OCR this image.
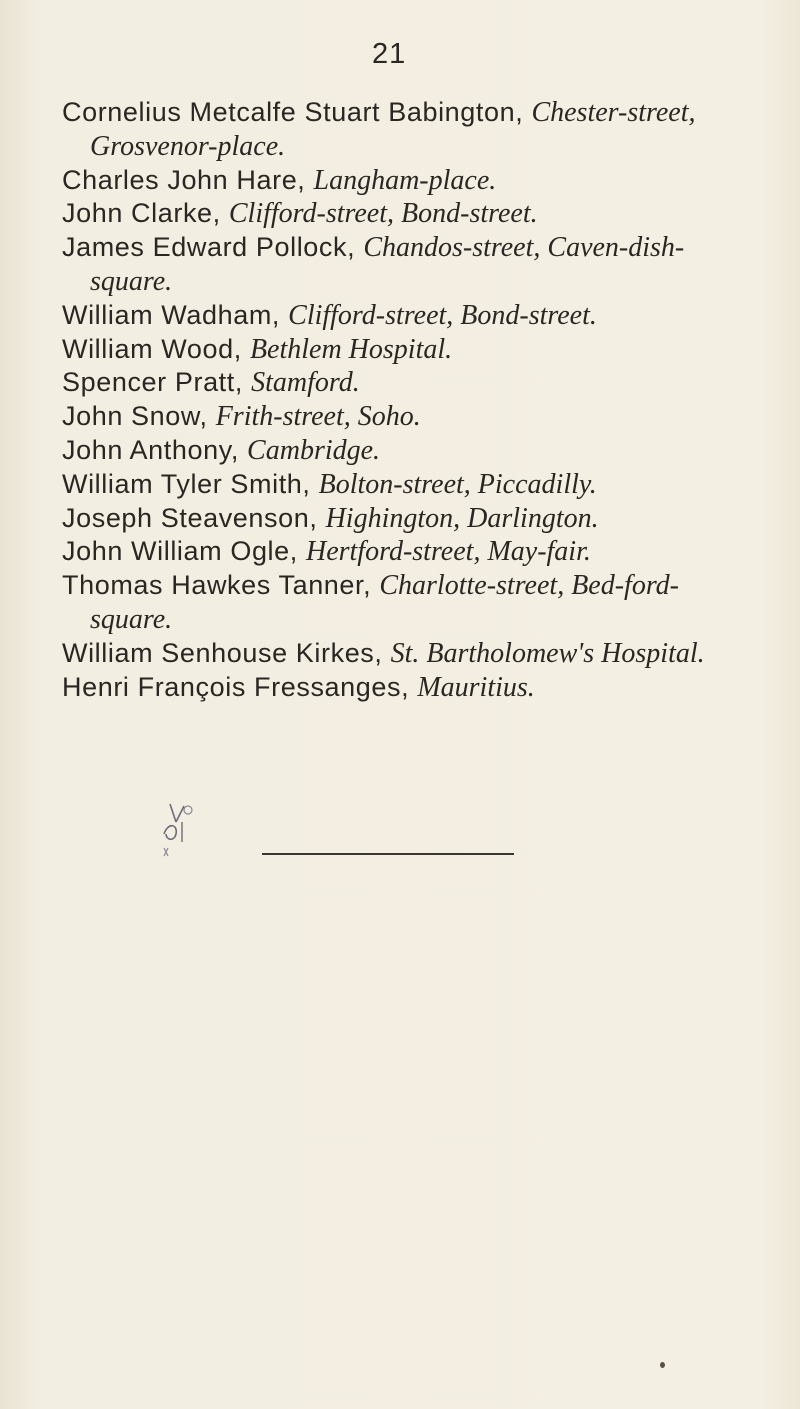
21
Cornelius Metcalfe Stuart Babington, Chester-street, Grosvenor-place.
Charles John Hare, Langham-place.
John Clarke, Clifford-street, Bond-street.
James Edward Pollock, Chandos-street, Caven-dish-square.
William Wadham, Clifford-street, Bond-street.
William Wood, Bethlem Hospital.
Spencer Pratt, Stamford.
John Snow, Frith-street, Soho.
John Anthony, Cambridge.
William Tyler Smith, Bolton-street, Piccadilly.
Joseph Steavenson, Highington, Darlington.
John William Ogle, Hertford-street, May-fair.
Thomas Hawkes Tanner, Charlotte-street, Bed-ford-square.
William Senhouse Kirkes, St. Bartholomew's Hospital.
Henri François Fressanges, Mauritius.
